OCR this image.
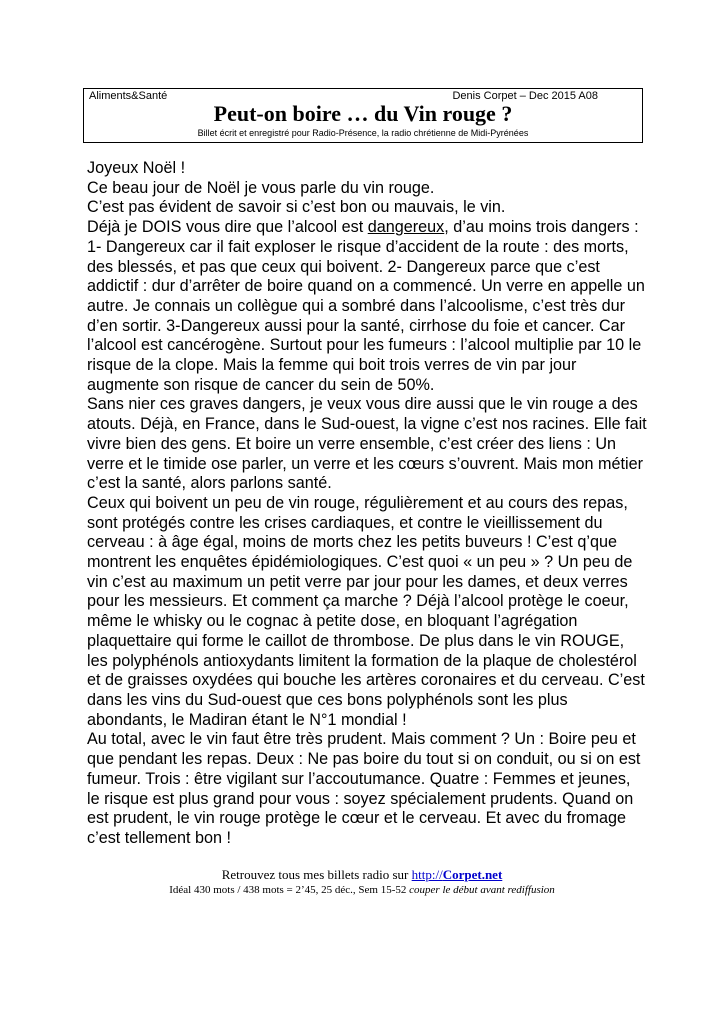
Aliments&Santé	Denis Corpet – Dec 2015 A08
Peut-on boire … du Vin rouge ?
Billet écrit et enregistré pour Radio-Présence, la radio chrétienne de Midi-Pyrénées

Joyeux Noël !

Ce beau jour de Noël je vous parle du vin rouge.

C’est pas évident de savoir si c’est bon ou mauvais, le vin.

Déjà je DOIS vous dire que l’alcool est dangereux, d’au moins trois dangers : 1- Dangereux car il fait exploser le risque d’accident de la route : des morts, des blessés, et pas que ceux qui boivent. 2- Dangereux parce que c’est addictif : dur d’arrêter de boire quand on a commencé. Un verre en appelle un autre. Je connais un collègue qui a sombré dans l’alcoolisme, c’est très dur d’en sortir. 3-Dangereux aussi pour la santé, cirrhose du foie et cancer. Car l’alcool est cancérogène. Surtout pour les fumeurs : l’alcool multiplie par 10 le risque de la clope. Mais la femme qui boit trois verres de vin par jour augmente son risque de cancer du sein de 50%.

Sans nier ces graves dangers, je veux vous dire aussi que le vin rouge a des atouts. Déjà, en France, dans le Sud-ouest, la vigne c’est nos racines. Elle fait vivre bien des gens. Et boire un verre ensemble, c’est créer des liens : Un verre et le timide ose parler, un verre et les cœurs s’ouvrent. Mais mon métier c’est la santé, alors parlons santé.

Ceux qui boivent un peu de vin rouge, régulièrement et au cours des repas, sont protégés contre les crises cardiaques, et contre le vieillissement du cerveau : à âge égal, moins de morts chez les petits buveurs ! C’est q’que montrent les enquêtes épidémiologiques. C’est quoi « un peu » ? Un peu de vin c’est au maximum un petit verre par jour pour les dames, et deux verres pour les messieurs. Et comment ça marche ? Déjà l’alcool protège le coeur, même le whisky ou le cognac à petite dose, en bloquant l’agrégation plaquettaire qui forme le caillot de thrombose. De plus dans le vin ROUGE, les polyphénols antioxydants limitent la formation de la plaque de cholestérol et de graisses oxydées qui bouche les artères coronaires et du cerveau. C’est dans les vins du Sud-ouest que ces bons polyphénols sont les plus abondants, le Madiran étant le N°1 mondial !

Au total, avec le vin faut être très prudent. Mais comment ? Un : Boire peu et que pendant les repas. Deux : Ne pas boire du tout si on conduit, ou si on est fumeur. Trois : être vigilant sur l’accoutumance. Quatre : Femmes et jeunes, le risque est plus grand pour vous : soyez spécialement prudents. Quand on est prudent, le vin rouge protège le cœur et le cerveau. Et avec du fromage c’est tellement bon !

Retrouvez tous mes billets radio sur http://Corpet.net
Idéal 430 mots / 438 mots = 2’45, 25 déc., Sem 15-52 couper le début avant rediffusion
